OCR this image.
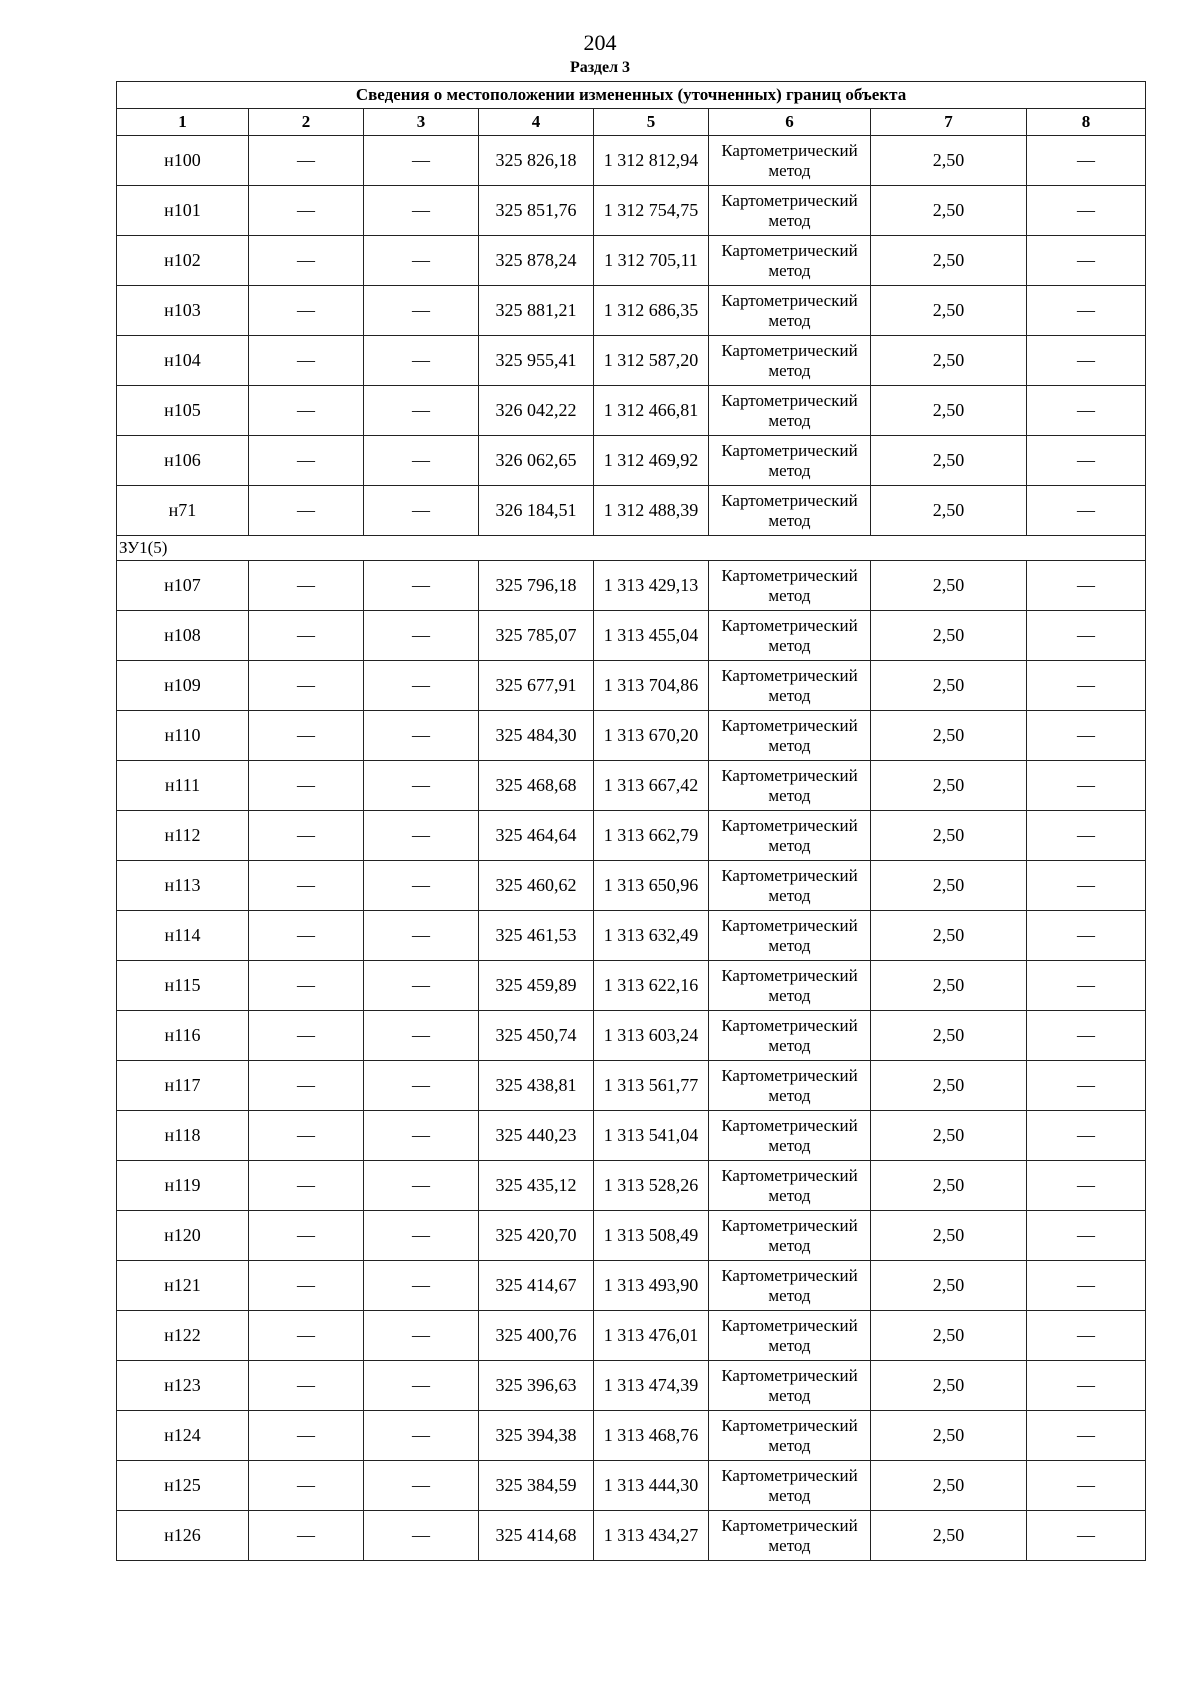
204
Раздел 3
Сведения о местоположении измененных (уточненных) границ объекта							
1	2	3	4	5	6	7	8
н100	—	—	325 826,18	1 312 812,94	Картометрический метод	2,50	—
н101	—	—	325 851,76	1 312 754,75	Картометрический метод	2,50	—
н102	—	—	325 878,24	1 312 705,11	Картометрический метод	2,50	—
н103	—	—	325 881,21	1 312 686,35	Картометрический метод	2,50	—
н104	—	—	325 955,41	1 312 587,20	Картометрический метод	2,50	—
н105	—	—	326 042,22	1 312 466,81	Картометрический метод	2,50	—
н106	—	—	326 062,65	1 312 469,92	Картометрический метод	2,50	—
н71	—	—	326 184,51	1 312 488,39	Картометрический метод	2,50	—
ЗУ1(5)							
н107	—	—	325 796,18	1 313 429,13	Картометрический метод	2,50	—
н108	—	—	325 785,07	1 313 455,04	Картометрический метод	2,50	—
н109	—	—	325 677,91	1 313 704,86	Картометрический метод	2,50	—
н110	—	—	325 484,30	1 313 670,20	Картометрический метод	2,50	—
н111	—	—	325 468,68	1 313 667,42	Картометрический метод	2,50	—
н112	—	—	325 464,64	1 313 662,79	Картометрический метод	2,50	—
н113	—	—	325 460,62	1 313 650,96	Картометрический метод	2,50	—
н114	—	—	325 461,53	1 313 632,49	Картометрический метод	2,50	—
н115	—	—	325 459,89	1 313 622,16	Картометрический метод	2,50	—
н116	—	—	325 450,74	1 313 603,24	Картометрический метод	2,50	—
н117	—	—	325 438,81	1 313 561,77	Картометрический метод	2,50	—
н118	—	—	325 440,23	1 313 541,04	Картометрический метод	2,50	—
н119	—	—	325 435,12	1 313 528,26	Картометрический метод	2,50	—
н120	—	—	325 420,70	1 313 508,49	Картометрический метод	2,50	—
н121	—	—	325 414,67	1 313 493,90	Картометрический метод	2,50	—
н122	—	—	325 400,76	1 313 476,01	Картометрический метод	2,50	—
н123	—	—	325 396,63	1 313 474,39	Картометрический метод	2,50	—
н124	—	—	325 394,38	1 313 468,76	Картометрический метод	2,50	—
н125	—	—	325 384,59	1 313 444,30	Картометрический метод	2,50	—
н126	—	—	325 414,68	1 313 434,27	Картометрический метод	2,50	—
